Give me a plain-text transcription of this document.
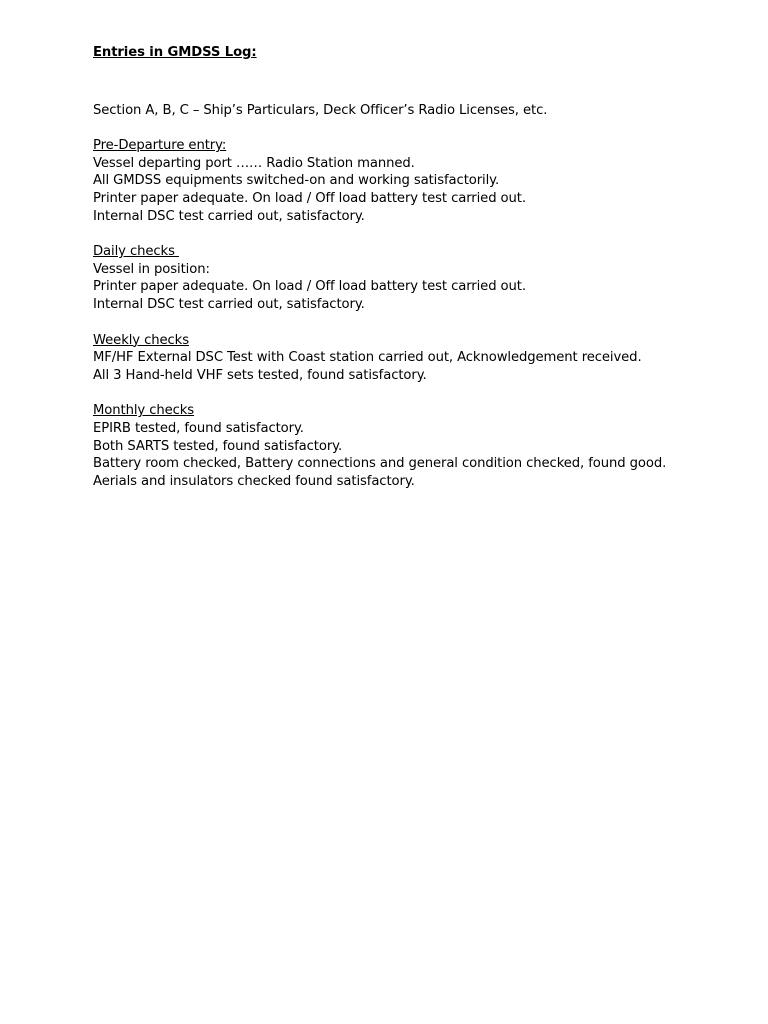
Entries in GMDSS Log:
Section A, B, C – Ship’s Particulars, Deck Officer’s Radio Licenses, etc.
Pre-Departure entry:
Vessel departing port …… Radio Station manned.
All GMDSS equipments switched-on and working satisfactorily.
Printer paper adequate. On load / Off load battery test carried out.
Internal DSC test carried out, satisfactory.
Daily checks
Vessel in position:
Printer paper adequate. On load / Off load battery test carried out.
Internal DSC test carried out, satisfactory.
Weekly checks
MF/HF External DSC Test with Coast station carried out, Acknowledgement received.
All 3 Hand-held VHF sets tested, found satisfactory.
Monthly checks
EPIRB tested, found satisfactory.
Both SARTS tested, found satisfactory.
Battery room checked, Battery connections and general condition checked, found good.
Aerials and insulators checked found satisfactory.
